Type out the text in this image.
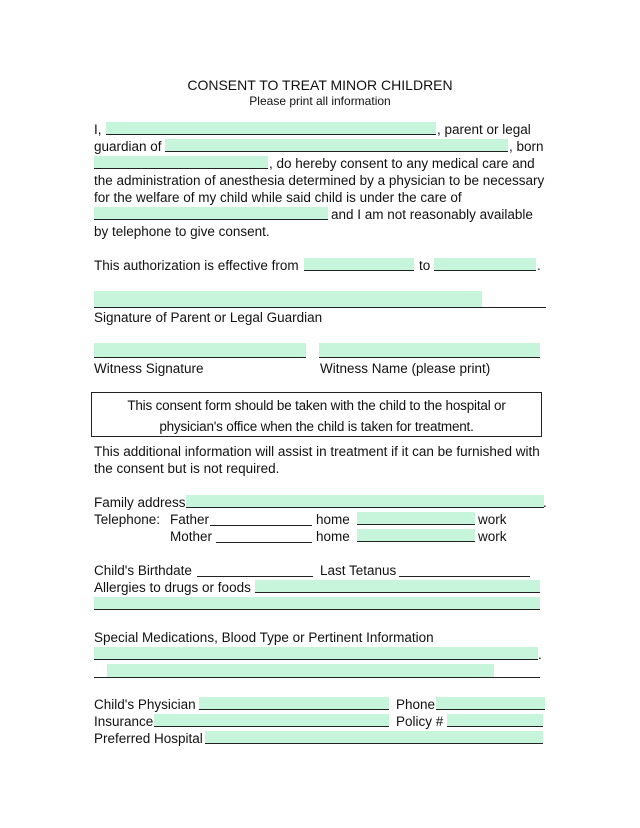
CONSENT TO TREAT MINOR CHILDREN
Please print all information
I,	, parent or legal
guardian of	, born
, do hereby consent to any medical care and
the administration of anesthesia determined by a physician to be necessary
for the welfare of my child while said child is under the care of
and I am not reasonably available
by telephone to give consent.
This authorization is effective from	to	.
Signature of Parent or Legal Guardian
Witness Signature	Witness Name (please print)

This consent form should be taken with the child to the hospital or

physician's office when the child is taken for treatment.

This additional information will assist in treatment if it can be furnished with
the consent but is not required.
Family address	.
Telephone: Father	home	work
Mother	home	work
Child's Birthdate	Last Tetanus
Allergies to drugs or foods
Special Medications, Blood Type or Pertinent Information
.
Child's Physician	Phone
Insurance	Policy #
Preferred Hospital
